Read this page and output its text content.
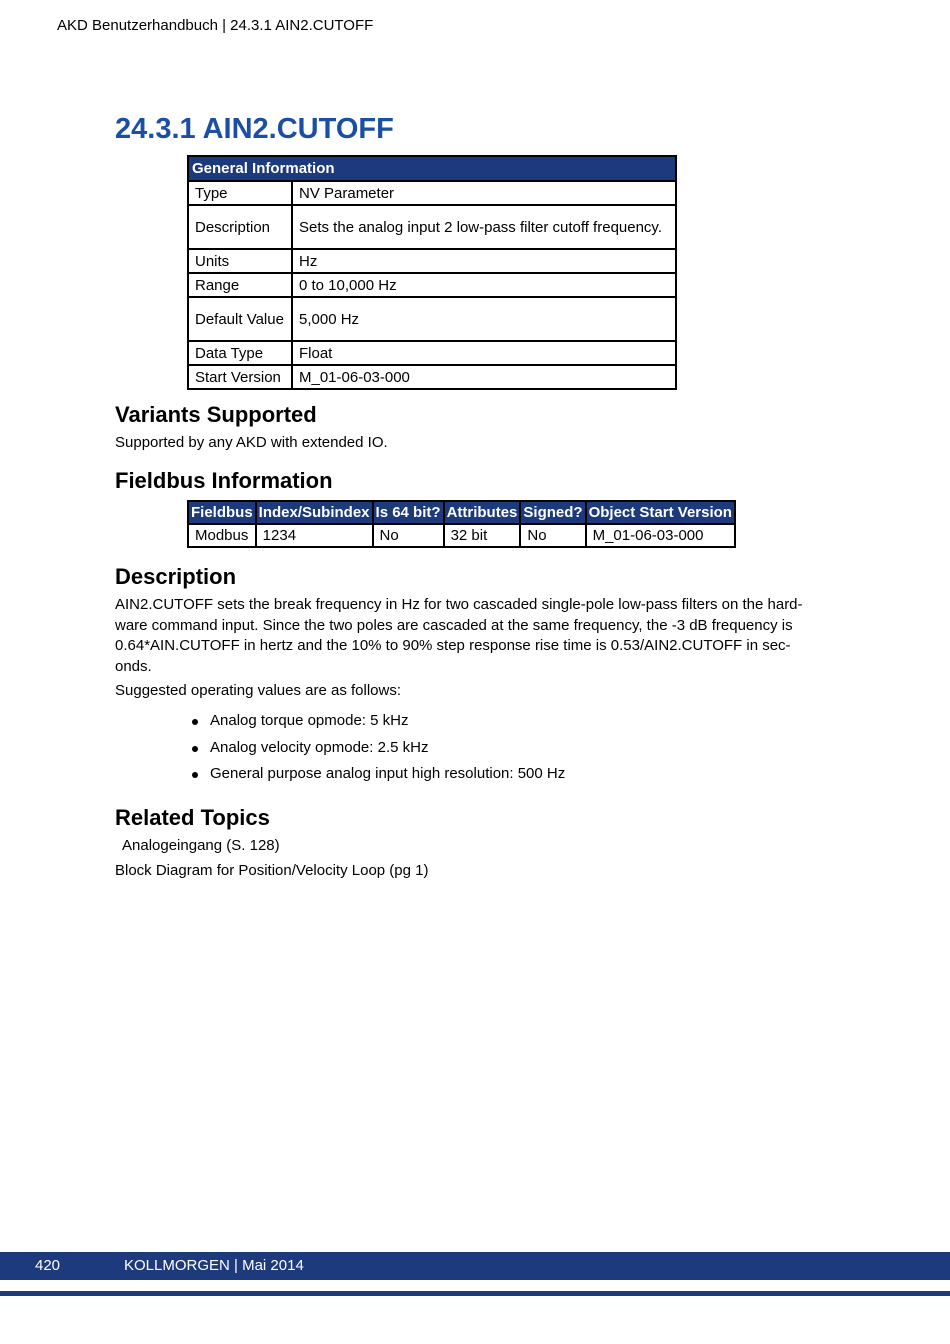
AKD Benutzerhandbuch | 24.3.1 AIN2.CUTOFF
24.3.1 AIN2.CUTOFF
General Information	
Type	NV Parameter
Description	Sets the analog input 2 low-pass filter cutoff frequency.
Units	Hz
Range	0 to 10,000 Hz
Default Value	5,000 Hz
Data Type	Float
Start Version	M_01-06-03-000
Variants Supported

Supported by any AKD with extended IO.

Fieldbus Information
Fieldbus	Index/Subindex	Is 64 bit?	Attributes	Signed?	Object Start Version
Modbus	1234	No	32 bit	No	M_01-06-03-000
Description
AIN2.CUTOFF sets the break frequency in Hz for two cascaded single-pole low-pass filters on the hard-
ware command input. Since the two poles are cascaded at the same frequency, the -3 dB frequency is
0.64*AIN.CUTOFF in hertz and the 10% to 90% step response rise time is 0.53/AIN2.CUTOFF in sec-
onds.

Suggested operating values are as follows:

Analog torque opmode: 5 kHz
Analog velocity opmode: 2.5 kHz
General purpose analog input high resolution: 500 Hz
Related Topics

Analogeingang (S. 128)

Block Diagram for Position/Velocity Loop (pg 1)

420	KOLLMORGEN | Mai 2014
